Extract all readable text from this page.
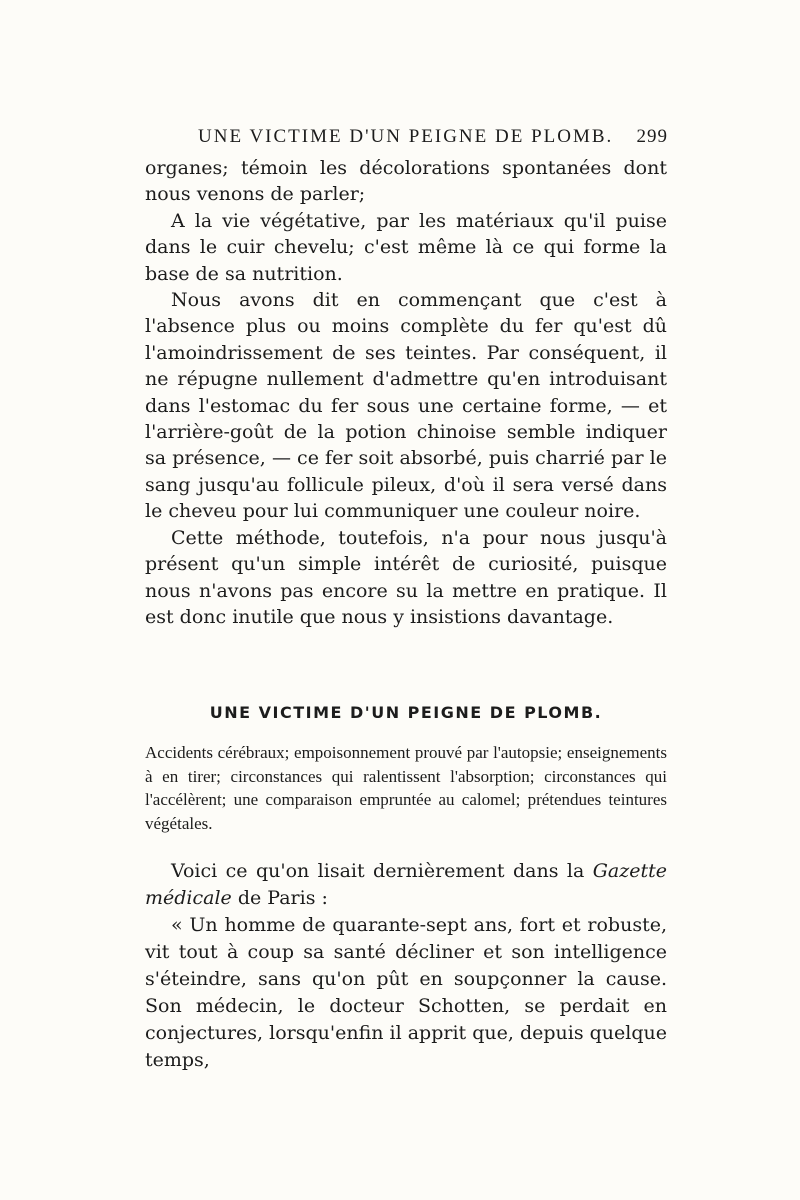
UNE VICTIME D'UN PEIGNE DE PLOMB. 299

organes; témoin les décolorations spontanées dont nous venons de parler;

A la vie végétative, par les matériaux qu'il puise dans le cuir chevelu; c'est même là ce qui forme la base de sa nutrition.

Nous avons dit en commençant que c'est à l'absence plus ou moins complète du fer qu'est dû l'amoindrissement de ses teintes. Par conséquent, il ne répugne nullement d'admettre qu'en introduisant dans l'estomac du fer sous une certaine forme, — et l'arrière-goût de la potion chinoise semble indiquer sa présence, — ce fer soit absorbé, puis charrié par le sang jusqu'au follicule pileux, d'où il sera versé dans le cheveu pour lui communiquer une couleur noire.

Cette méthode, toutefois, n'a pour nous jusqu'à présent qu'un simple intérêt de curiosité, puisque nous n'avons pas encore su la mettre en pratique. Il est donc inutile que nous y insistions davantage.

UNE VICTIME D'UN PEIGNE DE PLOMB.
Accidents cérébraux; empoisonnement prouvé par l'autopsie; enseignements à en tirer; circonstances qui ralentissent l'absorption; circonstances qui l'accélèrent; une comparaison empruntée au calomel; prétendues teintures végétales.

Voici ce qu'on lisait dernièrement dans la Gazette médicale de Paris :

« Un homme de quarante-sept ans, fort et robuste, vit tout à coup sa santé décliner et son intelligence s'éteindre, sans qu'on pût en soupçonner la cause. Son médecin, le docteur Schotten, se perdait en conjectures, lorsqu'enfin il apprit que, depuis quelque temps,
